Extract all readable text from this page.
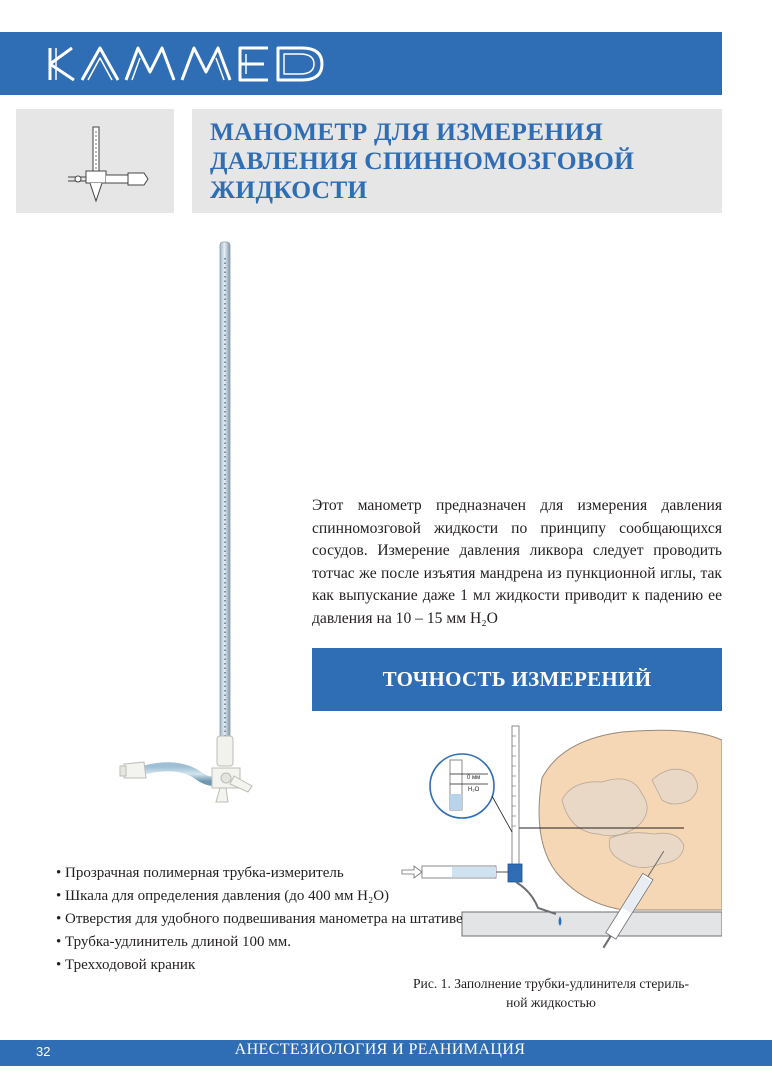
МАНОМЕТР ДЛЯ ИЗМЕРЕНИЯ
ДАВЛЕНИЯ СПИННОМОЗГОВОЙ
ЖИДКОСТИ
Этот манометр предназначен для измерения давления спинномозговой жидкости по принципу сообщающихся сосудов. Измерение давления ликвора следует проводить тотчас же после изъятия мандрена из пункционной иглы, так как выпускание даже 1 мл жидкости приводит к падению ее давления на 10 – 15 мм H₂O
ТОЧНОСТЬ ИЗМЕРЕНИЙ
0 мм
H₂O
• Прозрачная полимерная трубка-измеритель
• Шкала для определения давления (до 400 мм H₂O)
• Отверстия для удобного подвешивания манометра на штативе
• Трубка-удлинитель длиной 100 мм.
• Трехходовой краник
Рис. 1. Заполнение трубки-удлинителя стериль-
ной жидкостью
32	АНЕСТЕЗИОЛОГИЯ И РЕАНИМАЦИЯ
